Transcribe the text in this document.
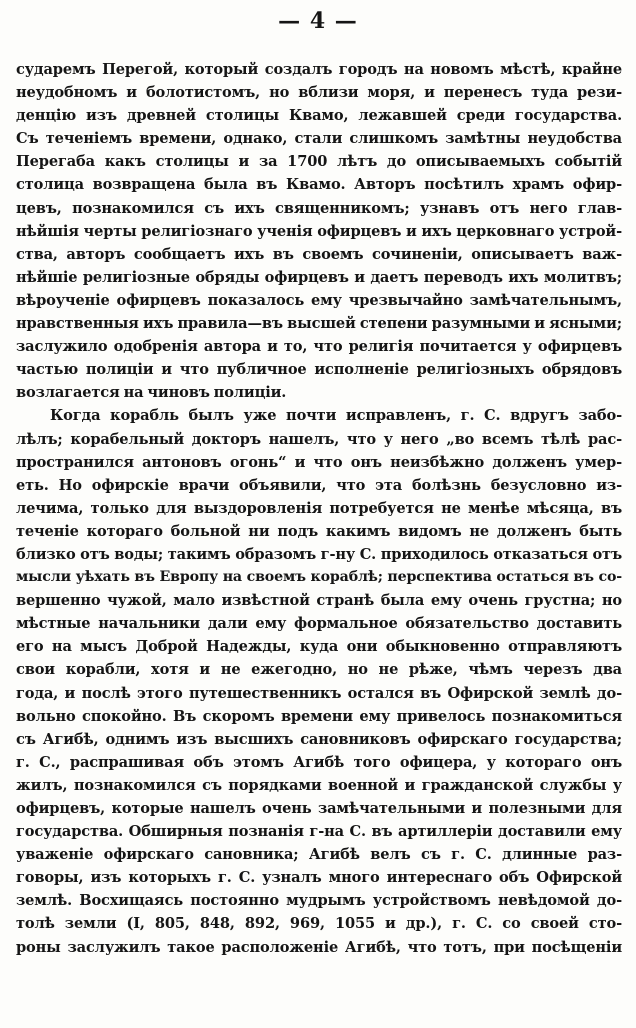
— 4 —
сударемъ Перегой, который создалъ городъ на новомъ мѣстѣ, крайне
неудобномъ и болотистомъ, но вблизи моря, и перенесъ туда рези-
денцію изъ древней столицы Квамо, лежавшей среди государства.
Съ теченіемъ времени, однако, стали слишкомъ замѣтны неудобства
Перегаба какъ столицы и за 1700 лѣтъ до описываемыхъ событій
столица возвращена была въ Квамо. Авторъ посѣтилъ храмъ офир-
цевъ, познакомился съ ихъ священникомъ; узнавъ отъ него глав-
нѣйшія черты религіознаго ученія офирцевъ и ихъ церковнаго устрой-
ства, авторъ сообщаетъ ихъ въ своемъ сочиненіи, описываетъ важ-
нѣйшіе религіозные обряды офирцевъ и даетъ переводъ ихъ молитвъ;
вѣроученіе офирцевъ показалось ему чрезвычайно замѣчательнымъ,
нравственныя ихъ правила—въ высшей степени разумными и ясными;
заслужило одобренія автора и то, что религія почитается у офирцевъ
частью полиціи и что публичное исполненіе религіозныхъ обрядовъ
возлагается на чиновъ полиціи.
Когда корабль былъ уже почти исправленъ, г. С. вдругъ забо-
лѣлъ; корабельный докторъ нашелъ, что у него „во всемъ тѣлѣ рас-
пространился антоновъ огонь“ и что онъ неизбѣжно долженъ умер-
еть. Но офирскіе врачи объявили, что эта болѣзнь безусловно из-
лечима, только для выздоровленія потребуется не менѣе мѣсяца, въ
теченіе котораго больной ни подъ какимъ видомъ не долженъ быть
близко отъ воды; такимъ образомъ г-ну С. приходилось отказаться отъ
мысли уѣхать въ Европу на своемъ кораблѣ; перспектива остаться въ со-
вершенно чужой, мало извѣстной странѣ была ему очень грустна; но
мѣстные начальники дали ему формальное обязательство доставить
его на мысъ Доброй Надежды, куда они обыкновенно отправляютъ
свои корабли, хотя и не ежегодно, но не рѣже, чѣмъ черезъ два
года, и послѣ этого путешественникъ остался въ Офирской землѣ до-
вольно спокойно. Въ скоромъ времени ему привелось познакомиться
съ Агибѣ, однимъ изъ высшихъ сановниковъ офирскаго государства;
г. С., распрашивая объ этомъ Агибѣ того офицера, у котораго онъ
жилъ, познакомился съ порядками военной и гражданской службы у
офирцевъ, которые нашелъ очень замѣчательными и полезными для
государства. Обширныя познанія г-на С. въ артиллеріи доставили ему
уваженіе офирскаго сановника; Агибѣ велъ съ г. С. длинные раз-
говоры, изъ которыхъ г. С. узналъ много интереснаго объ Офирской
землѣ. Восхищаясь постоянно мудрымъ устройствомъ невѣдомой до-
толѣ земли (I, 805, 848, 892, 969, 1055 и др.), г. С. со своей сто-
роны заслужилъ такое расположеніе Агибѣ, что тотъ, при посѣщеніи
